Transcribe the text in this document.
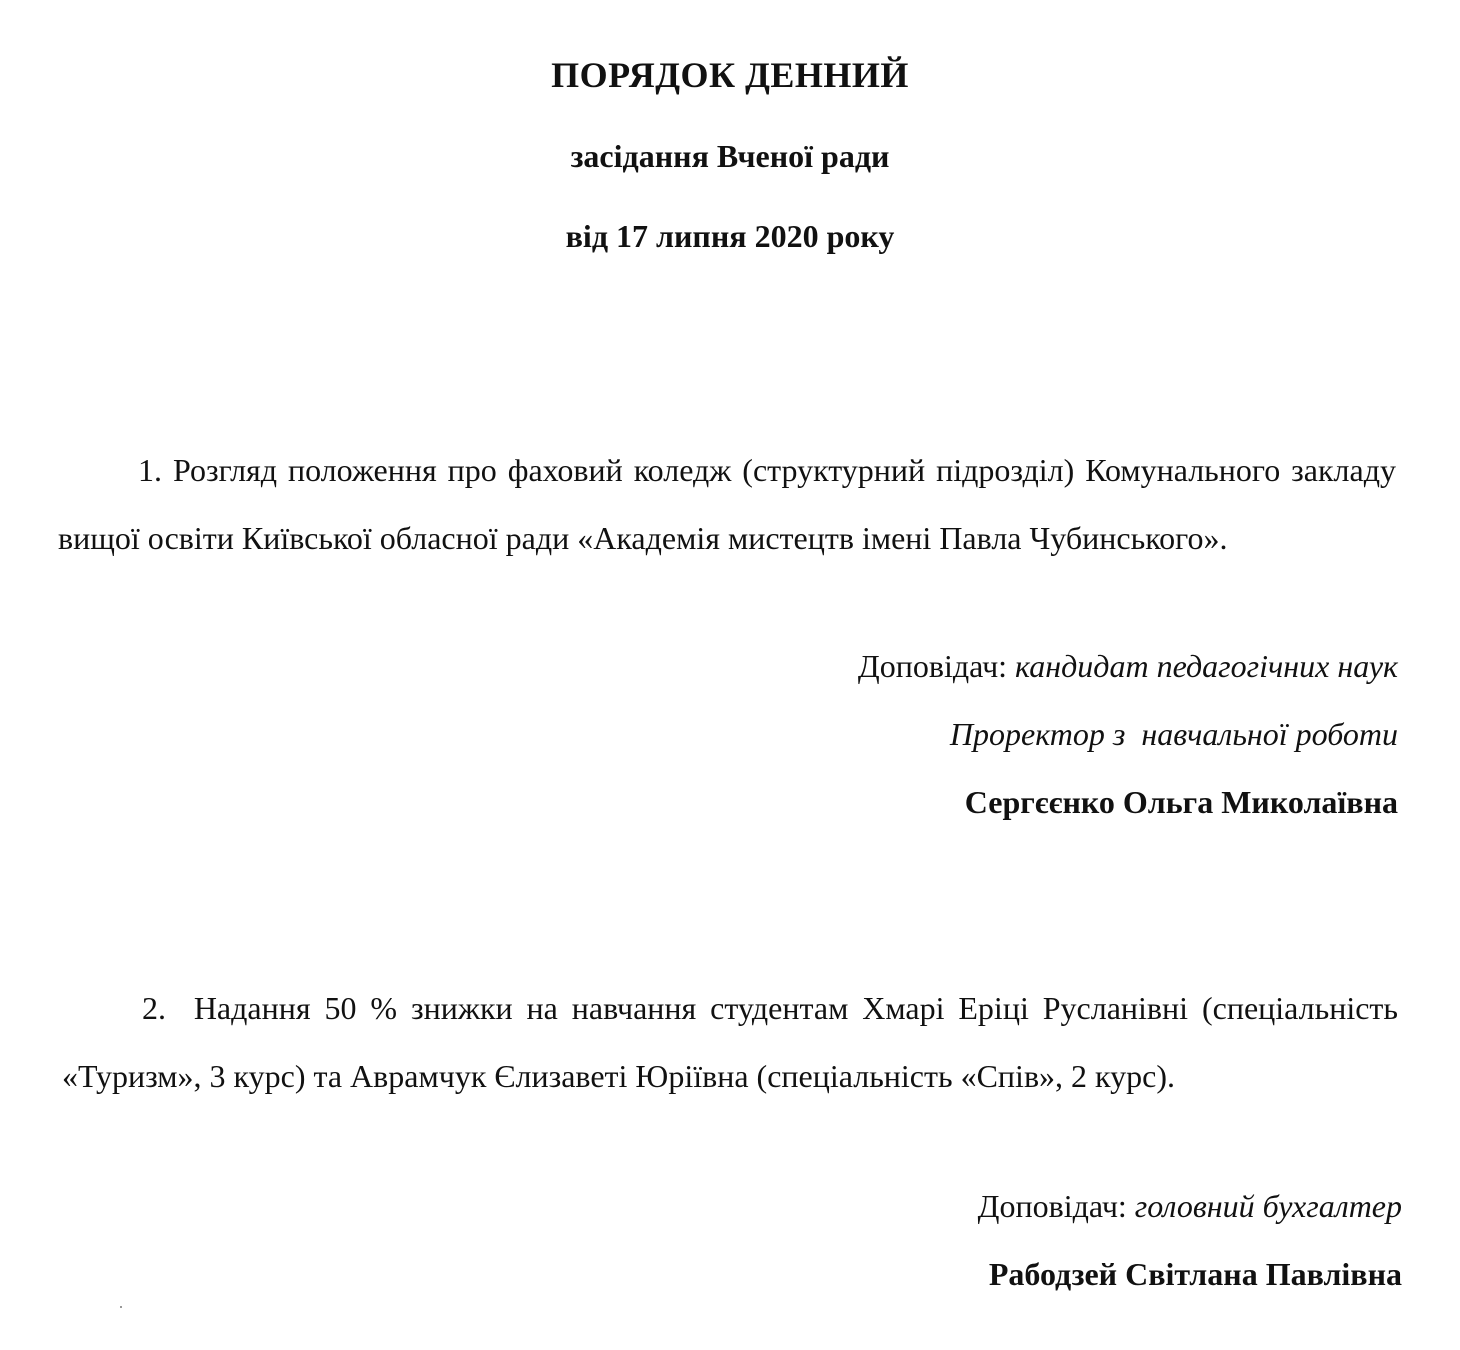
ПОРЯДОК ДЕННИЙ
засідання Вченої ради
від 17 липня 2020 року

1. Розгляд положення про фаховий коледж (структурний підрозділ) Комунального закладу вищої освіти Київської обласної ради «Академія мистецтв імені Павла Чубинського».

Доповідач: кандидат педагогічних наук

Проректор з  навчальної роботи

Сергєєнко Ольга Миколаївна

2. Надання 50 % знижки на навчання студентам Хмарі Еріці Русланівні (спеціальність «Туризм», 3 курс) та Аврамчук Єлизаветі Юріївна (спеціальність «Спів», 2 курс).

Доповідач: головний бухгалтер

Рабодзей Світлана Павлівна
